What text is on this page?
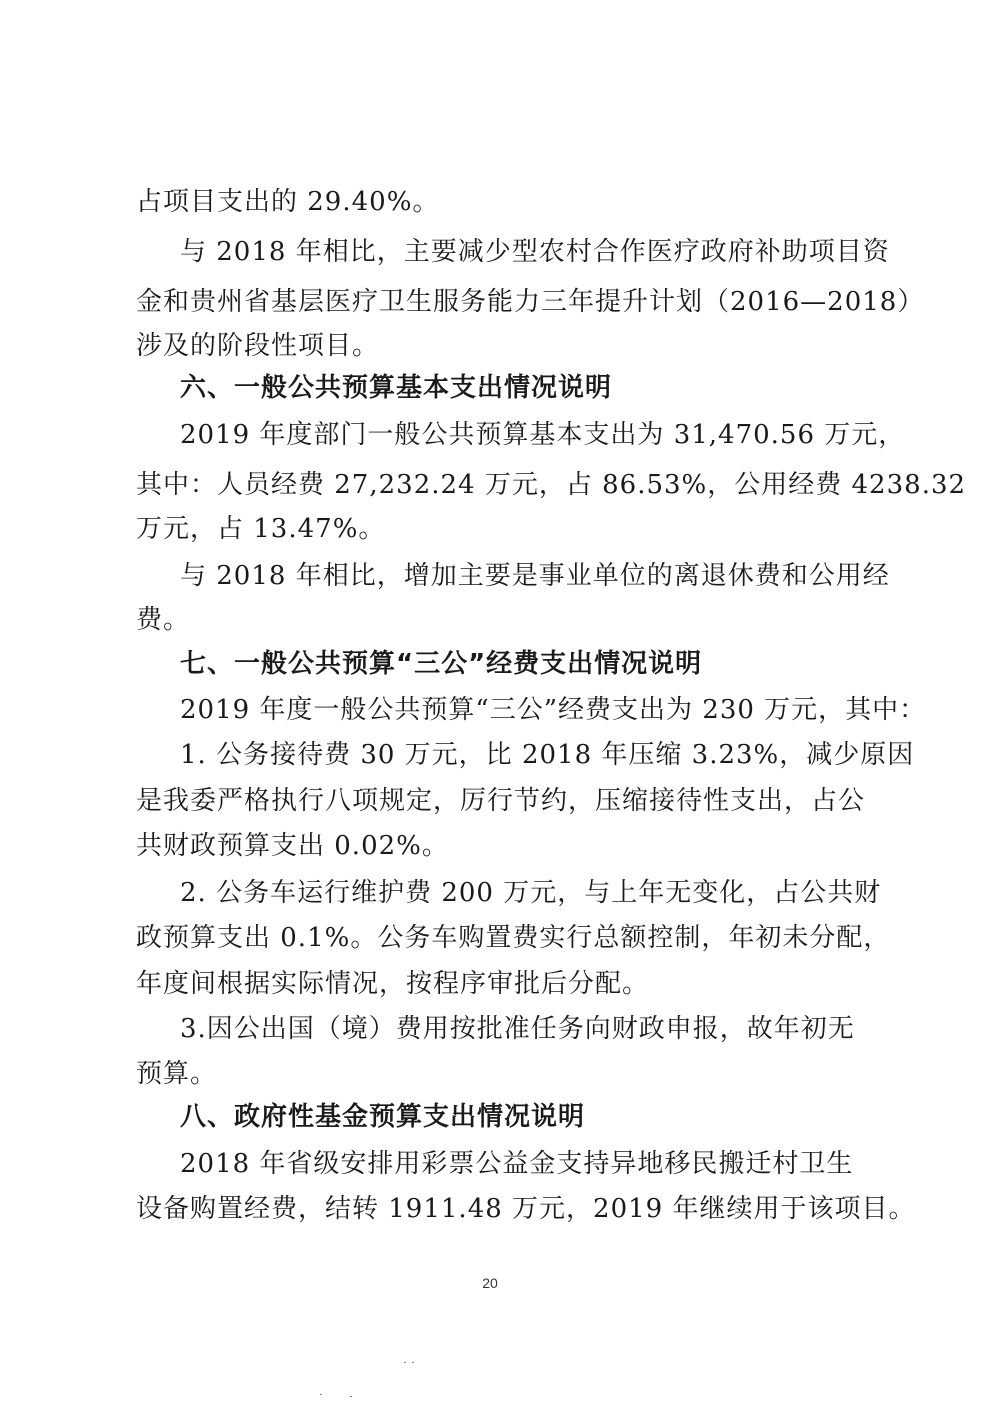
占项目支出的 29.40%。
与 2018 年相比，主要减少型农村合作医疗政府补助项目资
金和贵州省基层医疗卫生服务能力三年提升计划（2016—2018）
涉及的阶段性项目。
六、一般公共预算基本支出情况说明
2019 年度部门一般公共预算基本支出为 31,470.56 万元，
其中：人员经费 27,232.24 万元，占 86.53%，公用经费 4238.32
万元，占 13.47%。
与 2018 年相比，增加主要是事业单位的离退休费和公用经
费。
七、一般公共预算“三公”经费支出情况说明
2019 年度一般公共预算“三公”经费支出为 230 万元，其中：
1. 公务接待费 30 万元，比 2018 年压缩 3.23%，减少原因
是我委严格执行八项规定，厉行节约，压缩接待性支出，占公
共财政预算支出 0.02%。
2. 公务车运行维护费 200 万元，与上年无变化，占公共财
政预算支出 0.1%。公务车购置费实行总额控制，年初未分配，
年度间根据实际情况，按程序审批后分配。
3.因公出国（境）费用按批准任务向财政申报，故年初无
预算。
八、政府性基金预算支出情况说明
2018 年省级安排用彩票公益金支持异地移民搬迁村卫生
设备购置经费，结转 1911.48 万元，2019 年继续用于该项目。
20
